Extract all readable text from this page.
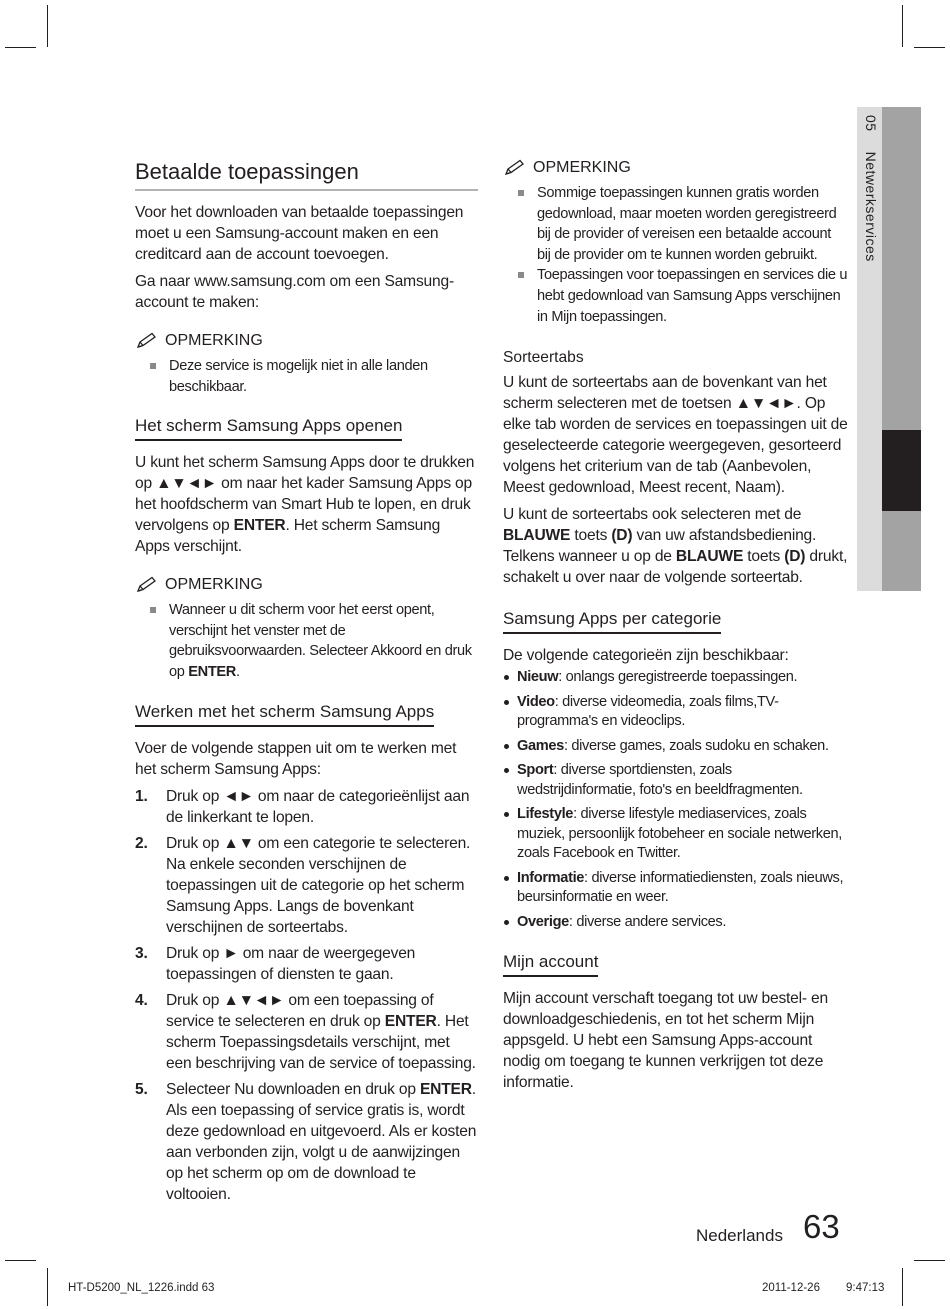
05Netwerkservices
Betaalde toepassingen

Voor het downloaden van betaalde toepassingen moet u een Samsung-account maken en een creditcard aan de account toevoegen.

Ga naar www.samsung.com om een Samsung-account te maken:

OPMERKING
Deze service is mogelijk niet in alle landen beschikbaar.
Het scherm Samsung Apps openen

U kunt het scherm Samsung Apps door te drukken op ▲▼◄► om naar het kader Samsung Apps op het hoofdscherm van Smart Hub te lopen, en druk vervolgens op ENTER. Het scherm Samsung Apps verschijnt.

OPMERKING
Wanneer u dit scherm voor het eerst opent, verschijnt het venster met de gebruiksvoorwaarden. Selecteer Akkoord en druk op ENTER.
Werken met het scherm Samsung Apps

Voer de volgende stappen uit om te werken met het scherm Samsung Apps:

1. Druk op ◄► om naar de categorieënlijst aan de linkerkant te lopen.
2. Druk op ▲▼ om een categorie te selecteren. Na enkele seconden verschijnen de toepassingen uit de categorie op het scherm Samsung Apps. Langs de bovenkant verschijnen de sorteertabs.
3. Druk op ► om naar de weergegeven toepassingen of diensten te gaan.
4. Druk op ▲▼◄► om een toepassing of service te selecteren en druk op ENTER. Het scherm Toepassingsdetails verschijnt, met een beschrijving van de service of toepassing.
5. Selecteer Nu downloaden en druk op ENTER. Als een toepassing of service gratis is, wordt deze gedownload en uitgevoerd. Als er kosten aan verbonden zijn, volgt u de aanwijzingen op het scherm op om de download te voltooien.
OPMERKING
Sommige toepassingen kunnen gratis worden gedownload, maar moeten worden geregistreerd bij de provider of vereisen een betaalde account bij de provider om te kunnen worden gebruikt.
Toepassingen voor toepassingen en services die u hebt gedownload van Samsung Apps verschijnen in Mijn toepassingen.
Sorteertabs

U kunt de sorteertabs aan de bovenkant van het scherm selecteren met de toetsen ▲▼◄►. Op elke tab worden de services en toepassingen uit de geselecteerde categorie weergegeven, gesorteerd volgens het criterium van de tab (Aanbevolen, Meest gedownload, Meest recent, Naam).

U kunt de sorteertabs ook selecteren met de BLAUWE toets (D) van uw afstandsbediening. Telkens wanneer u op de BLAUWE toets (D) drukt, schakelt u over naar de volgende sorteertab.

Samsung Apps per categorie

De volgende categorieën zijn beschikbaar:

Nieuw: onlangs geregistreerde toepassingen.
Video: diverse videomedia, zoals films,TV-programma's en videoclips.
Games: diverse games, zoals sudoku en schaken.
Sport: diverse sportdiensten, zoals wedstrijdinformatie, foto's en beeldfragmenten.
Lifestyle: diverse lifestyle mediaservices, zoals muziek, persoonlijk fotobeheer en sociale netwerken, zoals Facebook en Twitter.
Informatie: diverse informatiediensten, zoals nieuws, beursinformatie en weer.
Overige: diverse andere services.
Mijn account

Mijn account verschaft toegang tot uw bestel- en downloadgeschiedenis, en tot het scherm Mijn appsgeld. U hebt een Samsung Apps-account nodig om toegang te kunnen verkrijgen tot deze informatie.

Nederlands 63
HT-D5200_NL_1226.indd 63	2011-12-26 9:47:13
